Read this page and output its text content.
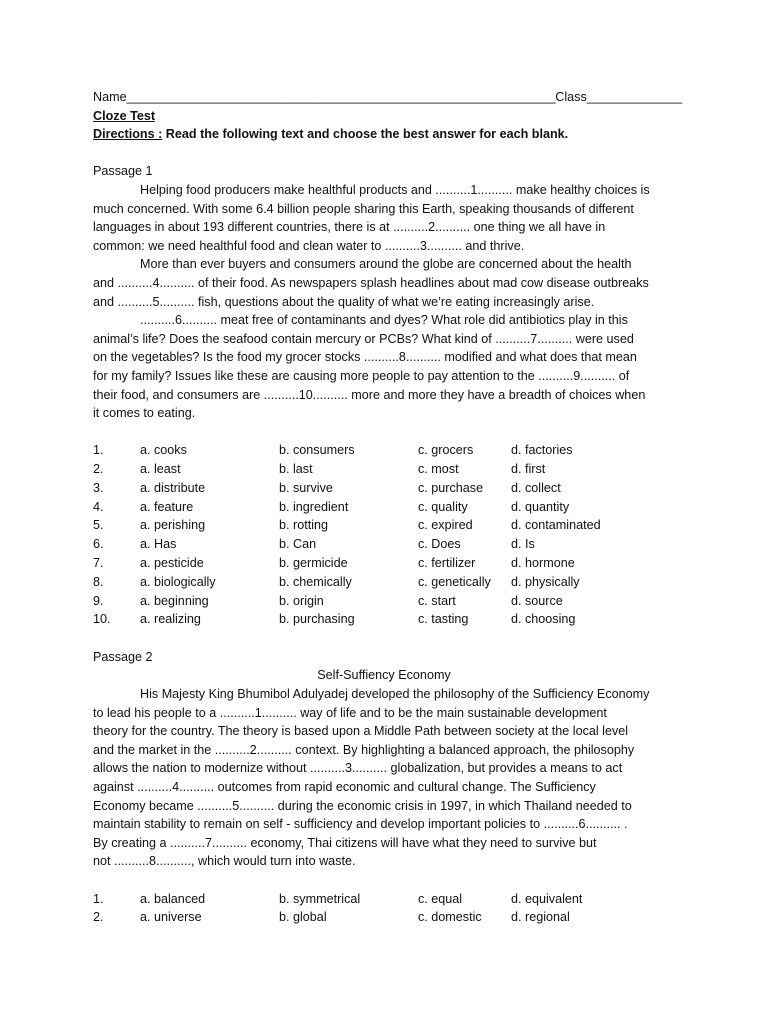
Name_______________________________________________________________Class______________
Cloze Test
Directions : Read the following text and choose the best answer for each blank.
Passage 1
Helping food producers make healthful products and ..........1.......... make healthy choices is
much concerned. With some 6.4 billion people sharing this Earth, speaking thousands of different
languages in about 193 different countries, there is at ..........2.......... one thing we all have in
common: we need healthful food and clean water to ..........3.......... and thrive.
More than ever buyers and consumers around the globe are concerned about the health
and ..........4.......... of their food. As newspapers splash headlines about mad cow disease outbreaks
and ..........5.......... fish, questions about the quality of what we’re eating increasingly arise.
..........6.......... meat free of contaminants and dyes? What role did antibiotics play in this
animal’s life? Does the seafood contain mercury or PCBs? What kind of ..........7.......... were used
on the vegetables? Is the food my grocer stocks ..........8.......... modified and what does that mean
for my family? Issues like these are causing more people to pay attention to the ..........9.......... of
their food, and consumers are ..........10.......... more and more they have a breadth of choices when
it comes to eating.
1.	a. cooks	b. consumers	c. grocers	d. factories
2.	a. least	b. last	c. most	d. first
3.	a. distribute	b. survive	c. purchase d. collect
4.	a. feature	b. ingredient	c. quality	d. quantity
5.	a. perishing	b. rotting	c. expired	d. contaminated
6.	a. Has	b. Can	c. Does	d. Is
7.	a. pesticide	b. germicide	c. fertilizer	d. hormone
8.	a. biologically	b. chemically	c. genetically d. physically
9.	a. beginning	b. origin	c. start	d. source
10. a. realizing	b. purchasing	c. tasting	d. choosing
Passage 2
Self-Suffiency Economy
His Majesty King Bhumibol Adulyadej developed the philosophy of the Sufficiency Economy
to lead his people to a ..........1.......... way of life and to be the main sustainable development
theory for the country. The theory is based upon a Middle Path between society at the local level
and the market in the ..........2.......... context. By highlighting a balanced approach, the philosophy
allows the nation to modernize without ..........3.......... globalization, but provides a means to act
against ..........4.......... outcomes from rapid economic and cultural change. The Sufficiency
Economy became ..........5.......... during the economic crisis in 1997, in which Thailand needed to
maintain stability to remain on self - sufficiency and develop important policies to ..........6.......... .
By creating a ..........7.......... economy, Thai citizens will have what they need to survive but
not ..........8.........., which would turn into waste.
1.	a. balanced	b. symmetrical	c. equal	d. equivalent
2.	a. universe	b. global	c. domestic d. regional
